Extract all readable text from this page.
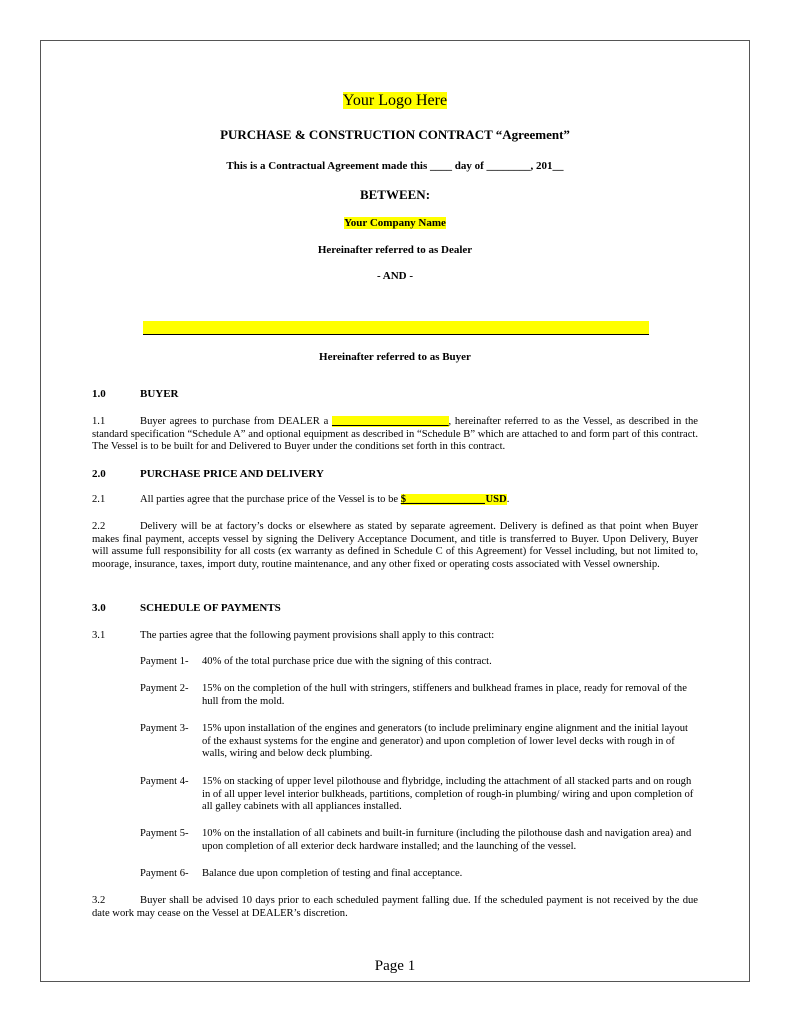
Your Logo Here
PURCHASE & CONSTRUCTION CONTRACT “Agreement”
This is a Contractual Agreement made this ____ day of ________, 201__
BETWEEN:
Your Company Name
Hereinafter referred to as Dealer
- AND -
Hereinafter referred to as Buyer
1.0	BUYER
1.1	Buyer agrees to purchase from DEALER a ______________________, hereinafter referred to as the Vessel, as described in the standard specification “Schedule A” and optional equipment as described in “Schedule B” which are attached to and form part of this contract. The Vessel is to be built for and Delivered to Buyer under the conditions set forth in this contract.
2.0	PURCHASE PRICE AND DELIVERY
2.1	All parties agree that the purchase price of the Vessel is to be $_______________USD.
2.2	Delivery will be at factory’s docks or elsewhere as stated by separate agreement. Delivery is defined as that point when Buyer makes final payment, accepts vessel by signing the Delivery Acceptance Document, and title is transferred to Buyer. Upon Delivery, Buyer will assume full responsibility for all costs (ex warranty as defined in Schedule C of this Agreement) for Vessel including, but not limited to, moorage, insurance, taxes, import duty, routine maintenance, and any other fixed or operating costs associated with Vessel ownership.
3.0	SCHEDULE OF PAYMENTS
3.1	The parties agree that the following payment provisions shall apply to this contract:
Payment 1- 40% of the total purchase price due with the signing of this contract.
Payment 2- 15% on the completion of the hull with stringers, stiffeners and bulkhead frames in place, ready for removal of the hull from the mold.
Payment 3- 15% upon installation of the engines and generators (to include preliminary engine alignment and the initial layout of the exhaust systems for the engine and generator) and upon completion of lower level decks with rough in of walls, wiring and below deck plumbing.
Payment 4- 15% on stacking of upper level pilothouse and flybridge, including the attachment of all stacked parts and on rough in of all upper level interior bulkheads, partitions, completion of rough-in plumbing/ wiring and upon completion of all galley cabinets with all appliances installed.
Payment 5- 10% on the installation of all cabinets and built-in furniture (including the pilothouse dash and navigation area) and upon completion of all exterior deck hardware installed; and the launching of the vessel.
Payment 6- Balance due upon completion of testing and final acceptance.
3.2	Buyer shall be advised 10 days prior to each scheduled payment falling due. If the scheduled payment is not received by the due date work may cease on the Vessel at DEALER’s discretion.
Page 1
